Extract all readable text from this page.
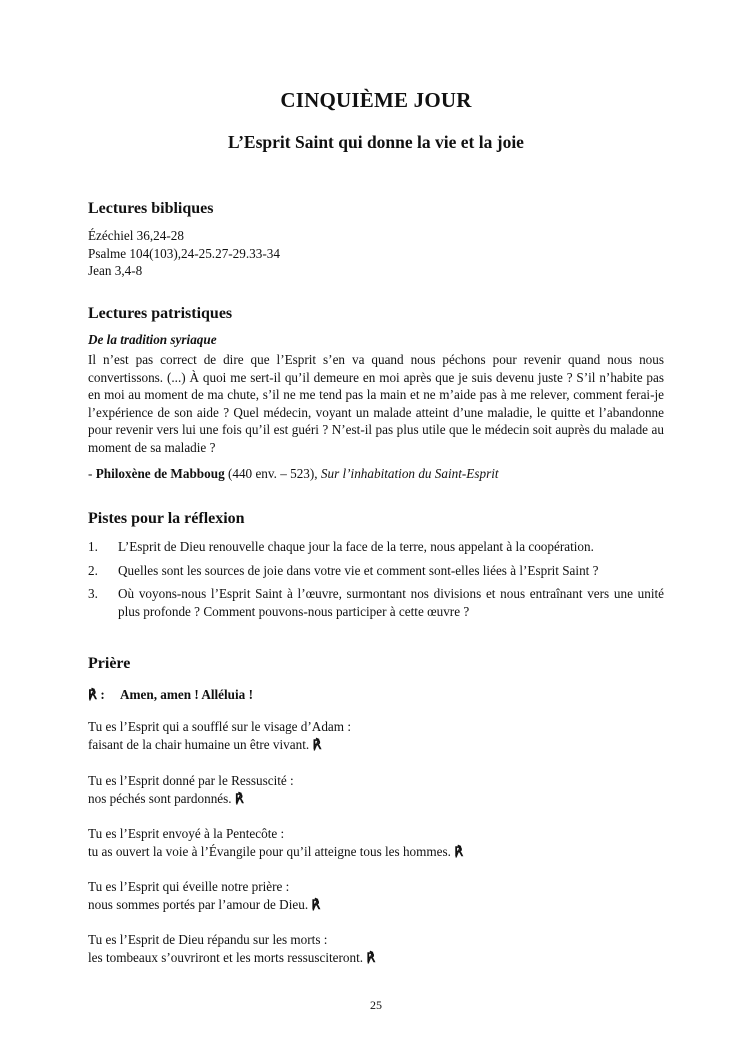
CINQUIÈME JOUR
L’Esprit Saint qui donne la vie et la joie
Lectures bibliques
Ézéchiel 36,24-28
Psalme 104(103),24-25.27-29.33-34
Jean 3,4-8
Lectures patristiques
De la tradition syriaque

Il n’est pas correct de dire que l’Esprit s’en va quand nous péchons pour revenir quand nous nous convertissons. (...) À quoi me sert-il qu’il demeure en moi après que je suis devenu juste ? S’il n’habite pas en moi au moment de ma chute, s’il ne me tend pas la main et ne m’aide pas à me relever, comment ferai-je l’expérience de son aide ? Quel médecin, voyant un malade atteint d’une maladie, le quitte et l’abandonne pour revenir vers lui une fois qu’il est guéri ? N’est-il pas plus utile que le médecin soit auprès du malade au moment de sa maladie ?

- Philoxène de Mabboug (440 env. – 523), Sur l’inhabitation du Saint-Esprit
Pistes pour la réflexion
1. L’Esprit de Dieu renouvelle chaque jour la face de la terre, nous appelant à la coopération.
2. Quelles sont les sources de joie dans votre vie et comment sont-elles liées à l’Esprit Saint ?
3. Où voyons-nous l’Esprit Saint à l’œuvre, surmontant nos divisions et nous entraînant vers une unité plus profonde ? Comment pouvons-nous participer à cette œuvre ?
Prière
℟ : Amen, amen ! Alléluia !
Tu es l’Esprit qui a soufflé sur le visage d’Adam :
faisant de la chair humaine un être vivant. ℟
Tu es l’Esprit donné par le Ressuscité :
nos péchés sont pardonnés. ℟
Tu es l’Esprit envoyé à la Pentecôte :
tu as ouvert la voie à l’Évangile pour qu’il atteigne tous les hommes. ℟
Tu es l’Esprit qui éveille notre prière :
nous sommes portés par l’amour de Dieu. ℟
Tu es l’Esprit de Dieu répandu sur les morts :
les tombeaux s’ouvriront et les morts ressusciteront. ℟
25
